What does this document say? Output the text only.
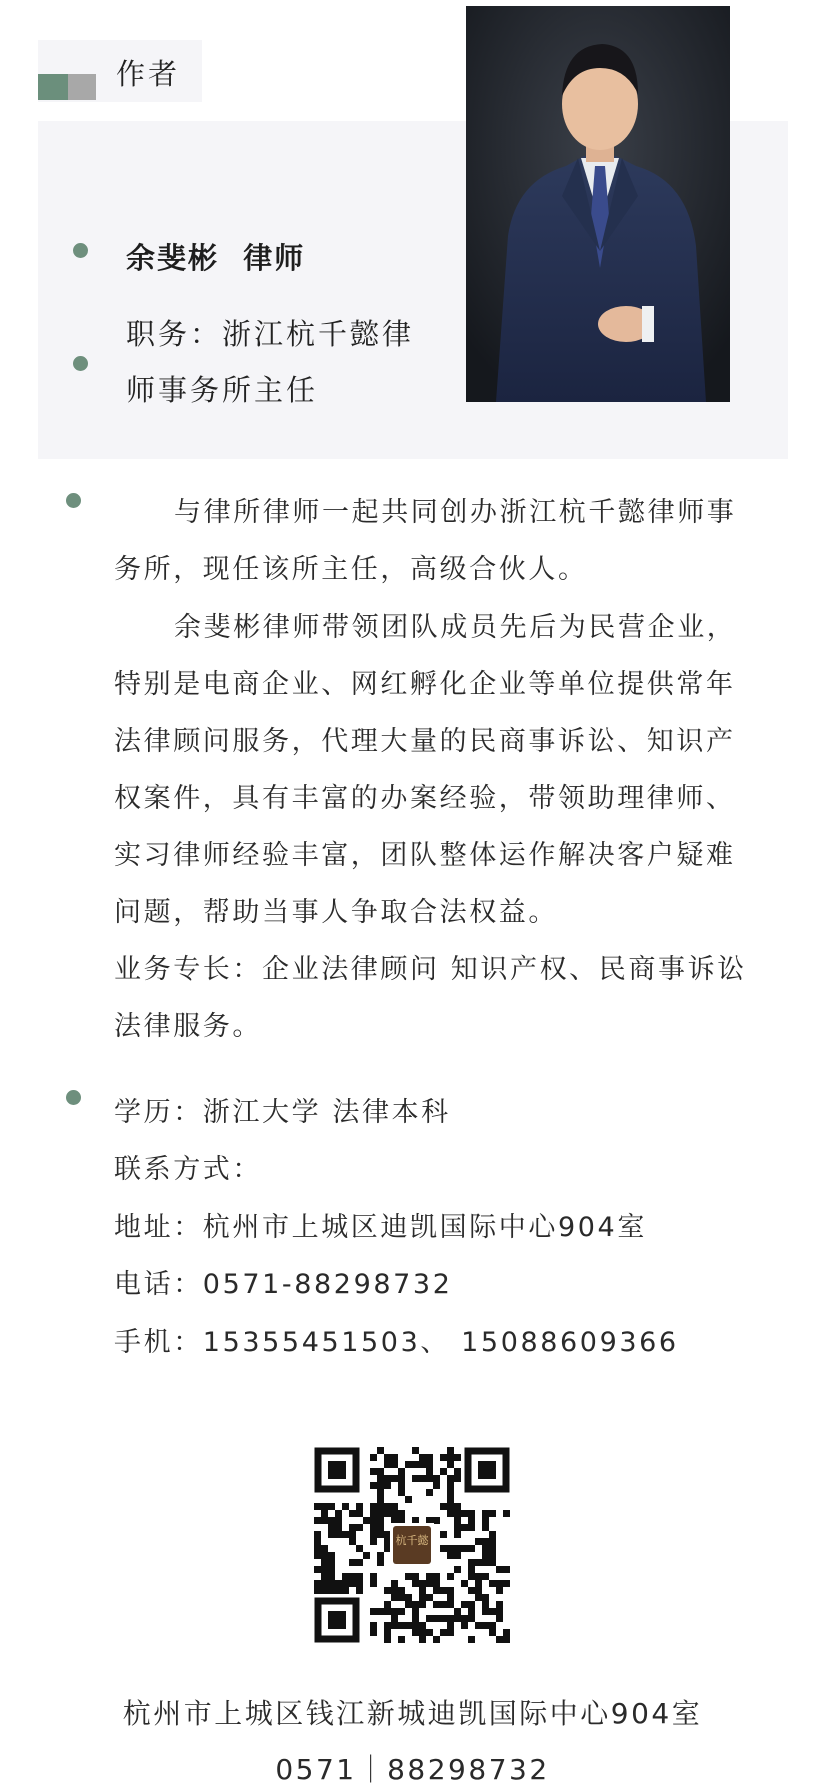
作者
余斐彬  律师
职务：浙江杭千懿律
师事务所主任
与律所律师一起共同创办浙江杭千懿律师事
务所，现任该所主任，高级合伙人。
余斐彬律师带领团队成员先后为民营企业，
特别是电商企业、网红孵化企业等单位提供常年
法律顾问服务，代理大量的民商事诉讼、知识产
权案件，具有丰富的办案经验，带领助理律师、
实习律师经验丰富，团队整体运作解决客户疑难
问题，帮助当事人争取合法权益。
业务专长：企业法律顾问 知识产权、民商事诉讼
法律服务。
学历：浙江大学 法律本科
联系方式：
地址：杭州市上城区迪凯国际中心904室
电话：0571-88298732
手机：15355451503、 15088609366
杭千懿
杭州市上城区钱江新城迪凯国际中心904室
0571｜88298732
